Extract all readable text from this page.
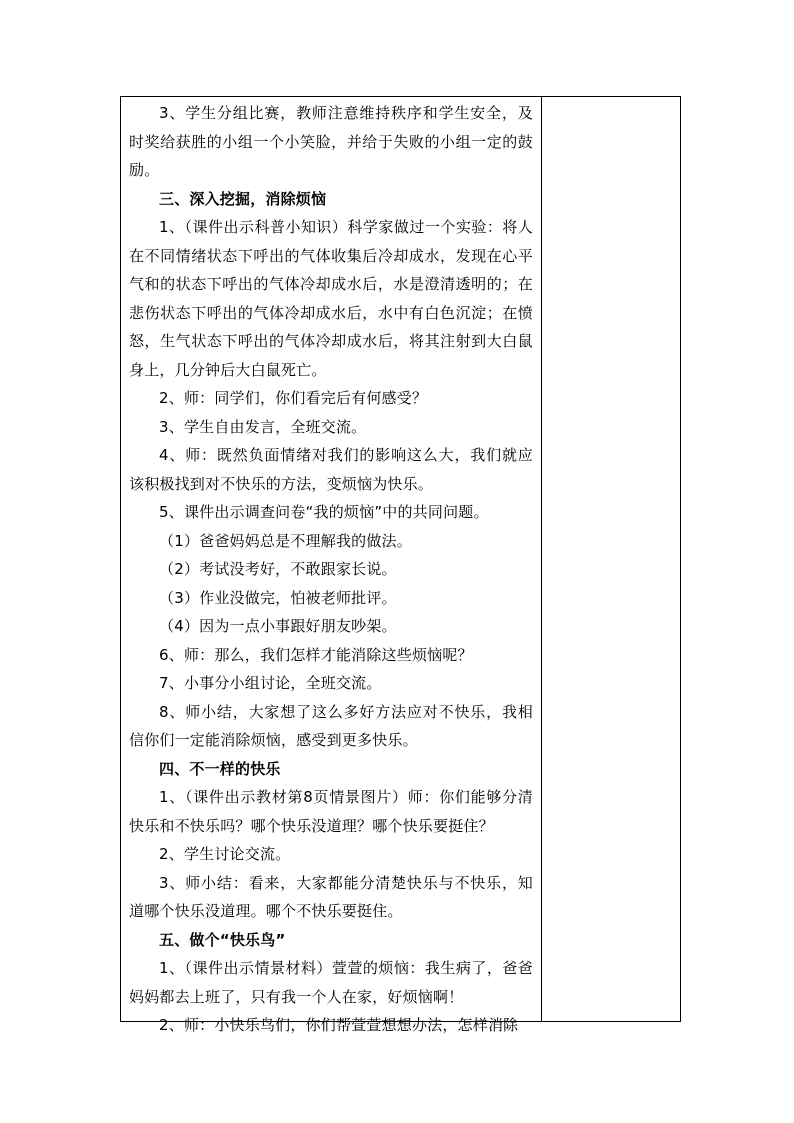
3、学生分组比赛，教师注意维持秩序和学生安全，及时奖给获胜的小组一个小笑脸，并给于失败的小组一定的鼓励。

三、深入挖掘，消除烦恼

1、（课件出示科普小知识）科学家做过一个实验：将人在不同情绪状态下呼出的气体收集后冷却成水，发现在心平气和的状态下呼出的气体冷却成水后，水是澄清透明的；在悲伤状态下呼出的气体冷却成水后，水中有白色沉淀；在愤怒，生气状态下呼出的气体冷却成水后，将其注射到大白鼠身上，几分钟后大白鼠死亡。

2、师：同学们，你们看完后有何感受？

3、学生自由发言，全班交流。

4、师：既然负面情绪对我们的影响这么大，我们就应该积极找到对不快乐的方法，变烦恼为快乐。

5、课件出示调查问卷“我的烦恼”中的共同问题。

（1）爸爸妈妈总是不理解我的做法。

（2）考试没考好，不敢跟家长说。

（3）作业没做完，怕被老师批评。

（4）因为一点小事跟好朋友吵架。

6、师：那么，我们怎样才能消除这些烦恼呢？

7、小事分小组讨论，全班交流。

8、师小结，大家想了这么多好方法应对不快乐，我相信你们一定能消除烦恼，感受到更多快乐。

四、不一样的快乐

1、（课件出示教材第8页情景图片）师：你们能够分清快乐和不快乐吗？哪个快乐没道理？哪个快乐要挺住？

2、学生讨论交流。

3、师小结：看来，大家都能分清楚快乐与不快乐，知道哪个快乐没道理。哪个不快乐要挺住。

五、做个“快乐鸟”

1、（课件出示情景材料）萱萱的烦恼：我生病了，爸爸妈妈都去上班了，只有我一个人在家，好烦恼啊！

2、师：小快乐鸟们，你们帮萱萱想想办法，怎样消除
